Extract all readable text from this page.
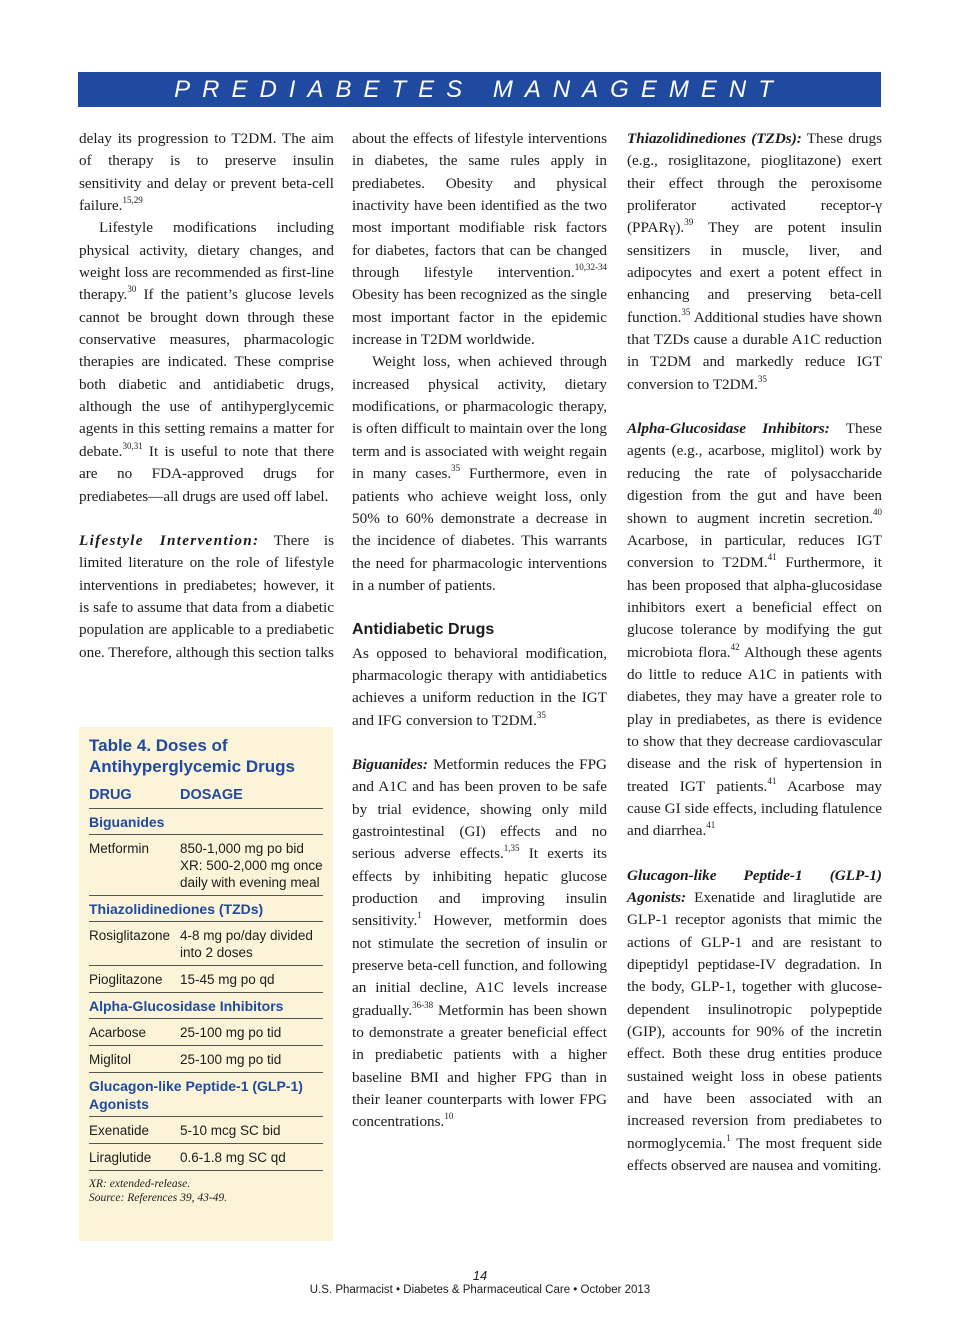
PREDIABETES MANAGEMENT

delay its progression to T2DM. The aim of therapy is to preserve insulin sensitivity and delay or prevent beta-cell failure.$^{15,29}$

Lifestyle modifications including physical activity, dietary changes, and weight loss are recommended as first-line therapy.$^{30}$ If the patient’s glucose levels cannot be brought down through these conservative measures, pharmacologic therapies are indicated. These comprise both diabetic and antidiabetic drugs, although the use of antihyperglycemic agents in this setting remains a matter for debate.$^{30,31}$ It is useful to note that there are no FDA-approved drugs for prediabetes—all drugs are used off label.

Lifestyle Intervention: There is limited literature on the role of lifestyle interventions in prediabetes; however, it is safe to assume that data from a diabetic population are applicable to a prediabetic one. Therefore, although this section talks

Table 4. Doses of Antihyperglycemic Drugs
DRUG	DOSAGE
Biguanides
Metformin	850-1,000 mg po bid XR: 500-2,000 mg once daily with evening meal
Thiazolidinediones (TZDs)
Rosiglitazone 4-8 mg po/day divided into 2 doses
Pioglitazone	15-45 mg po qd
Alpha-Glucosidase Inhibitors
Acarbose	25-100 mg po tid
Miglitol	25-100 mg po tid
Glucagon-like Peptide-1 (GLP-1) Agonists
Exenatide	5-10 mcg SC bid
Liraglutide	0.6-1.8 mg SC qd
XR: extended-release.
Source: References 39, 43-49.

about the effects of lifestyle interventions in diabetes, the same rules apply in prediabetes. Obesity and physical inactivity have been identified as the two most important modifiable risk factors for diabetes, factors that can be changed through lifestyle intervention.$^{10,32-34}$ Obesity has been recognized as the single most important factor in the epidemic increase in T2DM worldwide.

Weight loss, when achieved through increased physical activity, dietary modifications, or pharmacologic therapy, is often difficult to maintain over the long term and is associated with weight regain in many cases.$^{35}$ Furthermore, even in patients who achieve weight loss, only 50% to 60% demonstrate a decrease in the incidence of diabetes. This warrants the need for pharmacologic interventions in a number of patients.

Antidiabetic Drugs

As opposed to behavioral modification, pharmacologic therapy with antidiabetics achieves a uniform reduction in the IGT and IFG conversion to T2DM.$^{35}$

Biguanides: Metformin reduces the FPG and A1C and has been proven to be safe by trial evidence, showing only mild gastrointestinal (GI) effects and no serious adverse effects.$^{1,35}$ It exerts its effects by inhibiting hepatic glucose production and improving insulin sensitivity.$^1$ However, metformin does not stimulate the secretion of insulin or preserve beta-cell function, and following an initial decline, A1C levels increase gradually.$^{36-38}$ Metformin has been shown to demonstrate a greater beneficial effect in prediabetic patients with a higher baseline BMI and higher FPG than in their leaner counterparts with lower FPG concentrations.$^{10}$

Thiazolidinediones (TZDs): These drugs (e.g., rosiglitazone, pioglitazone) exert their effect through the peroxisome proliferator activated receptor-γ (PPARγ).$^{39}$ They are potent insulin sensitizers in muscle, liver, and adipocytes and exert a potent effect in enhancing and preserving beta-cell function.$^{35}$ Additional studies have shown that TZDs cause a durable A1C reduction in T2DM and markedly reduce IGT conversion to T2DM.$^{35}$

Alpha-Glucosidase Inhibitors: These agents (e.g., acarbose, miglitol) work by reducing the rate of polysaccharide digestion from the gut and have been shown to augment incretin secretion.$^{40}$ Acarbose, in particular, reduces IGT conversion to T2DM.$^{41}$ Furthermore, it has been proposed that alpha-glucosidase inhibitors exert a beneficial effect on glucose tolerance by modifying the gut microbiota flora.$^{42}$ Although these agents do little to reduce A1C in patients with diabetes, they may have a greater role to play in prediabetes, as there is evidence to show that they decrease cardiovascular disease and the risk of hypertension in treated IGT patients.$^{41}$ Acarbose may cause GI side effects, including flatulence and diarrhea.$^{41}$

Glucagon-like Peptide-1 (GLP-1) Agonists: Exenatide and liraglutide are GLP-1 receptor agonists that mimic the actions of GLP-1 and are resistant to dipeptidyl peptidase-IV degradation. In the body, GLP-1, together with glucose-dependent insulinotropic polypeptide (GIP), accounts for 90% of the incretin effect. Both these drug entities produce sustained weight loss in obese patients and have been associated with an increased reversion from prediabetes to normoglycemia.$^1$ The most frequent side effects observed are nausea and vomiting.

14
U.S. Pharmacist • Diabetes & Pharmaceutical Care • October 2013
